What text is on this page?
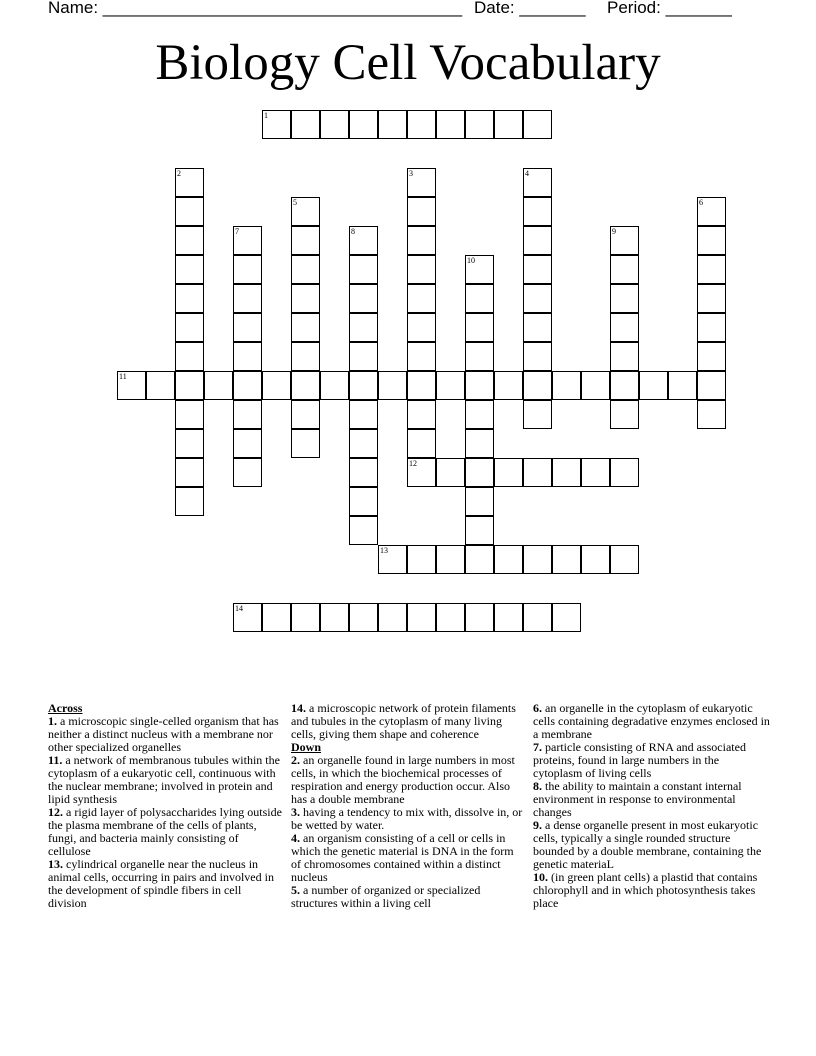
Name: ______________________________________ Date: _______ Period: _______
Biology Cell Vocabulary
1
2	3
12
4
5	6
7	8	9
10
11
13
14
Across

1. a microscopic single-celled organism that has neither a distinct nucleus with a membrane nor other specialized organelles

11. a network of membranous tubules within the cytoplasm of a eukaryotic cell, continuous with the nuclear membrane; involved in protein and lipid synthesis

12. a rigid layer of polysaccharides lying outside the plasma membrane of the cells of plants, fungi, and bacteria mainly consisting of cellulose

13. cylindrical organelle near the nucleus in animal cells, occurring in pairs and involved in the development of spindle fibers in cell division

14. a microscopic network of protein filaments and tubules in the cytoplasm of many living cells, giving them shape and coherence

Down

2. an organelle found in large numbers in most cells, in which the biochemical processes of respiration and energy production occur. Also has a double membrane

3. having a tendency to mix with, dissolve in, or be wetted by water.

4. an organism consisting of a cell or cells in which the genetic material is DNA in the form of chromosomes contained within a distinct nucleus

5. a number of organized or specialized structures within a living cell

6. an organelle in the cytoplasm of eukaryotic cells containing degradative enzymes enclosed in a membrane

7. particle consisting of RNA and associated proteins, found in large numbers in the cytoplasm of living cells

8. the ability to maintain a constant internal environment in response to environmental changes

9. a dense organelle present in most eukaryotic cells, typically a single rounded structure bounded by a double membrane, containing the genetic materiaL

10. (in green plant cells) a plastid that contains chlorophyll and in which photosynthesis takes place
